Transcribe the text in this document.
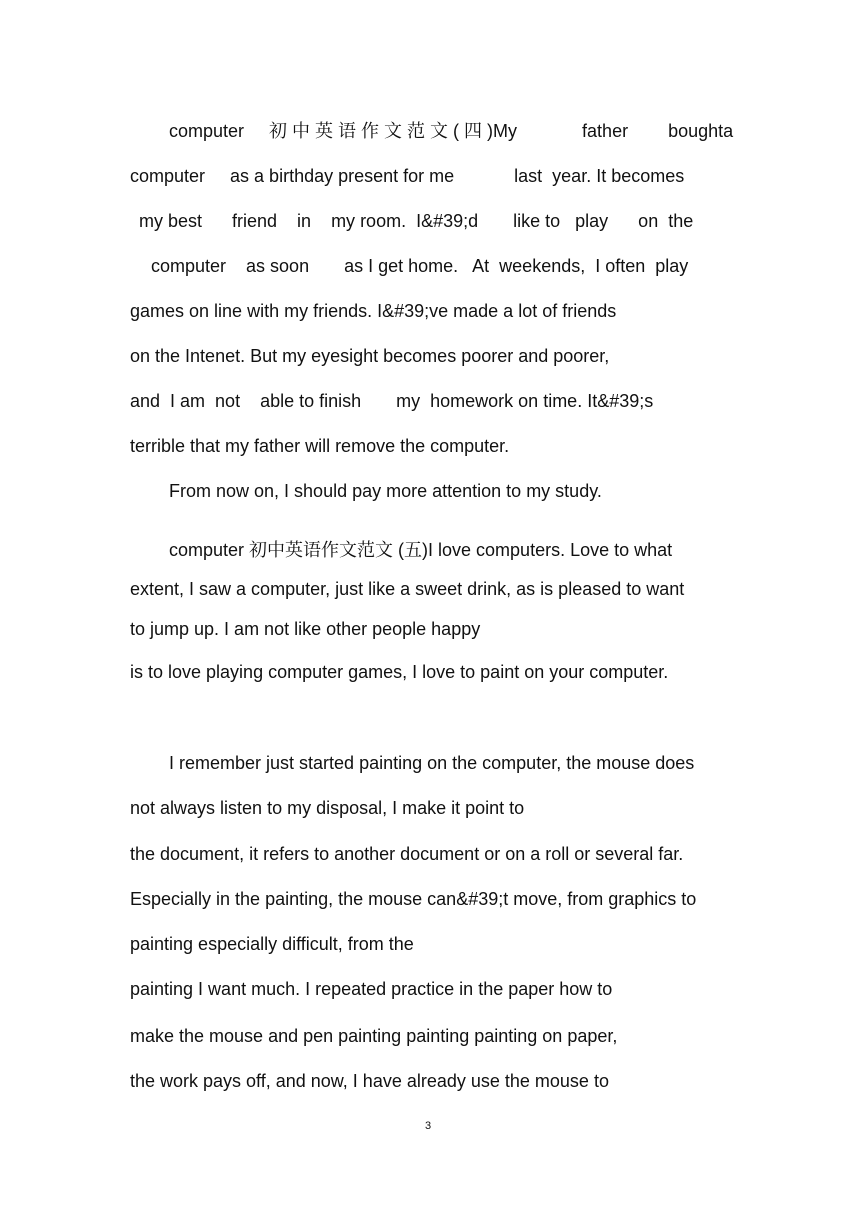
computer     初 中 英 语 作 文 范 文 ( 四 )My             father        boughta
computer     as a birthday present for me            last  year. It becomes
my best      friend    in    my room.  I&#39;d       like to   play      on  the
computer    as soon       as I get home.   At  weekends,  I often  play
games on line with my friends. I&#39;ve made a lot of friends
on the Intenet. But my eyesight becomes poorer and poorer,
and  I am  not    able to finish       my  homework on time. It&#39;s
terrible that my father will remove the computer.
From now on, I should pay more attention to my study.
computer 初中英语作文范文 (五)I love computers. Love to what
extent, I saw a computer, just like a sweet drink, as is pleased to want
to jump up. I am not like other people happy
is to love playing computer games, I love to paint on your computer.
I remember just started painting on the computer, the mouse does
not always listen to my disposal, I make it point to
the document, it refers to another document or on a roll or several far.
Especially in the painting, the mouse can&#39;t move, from graphics to
painting especially difficult, from the
painting I want much. I repeated practice in the paper how to
make the mouse and pen painting painting painting on paper,
the work pays off, and now, I have already use the mouse to
3
